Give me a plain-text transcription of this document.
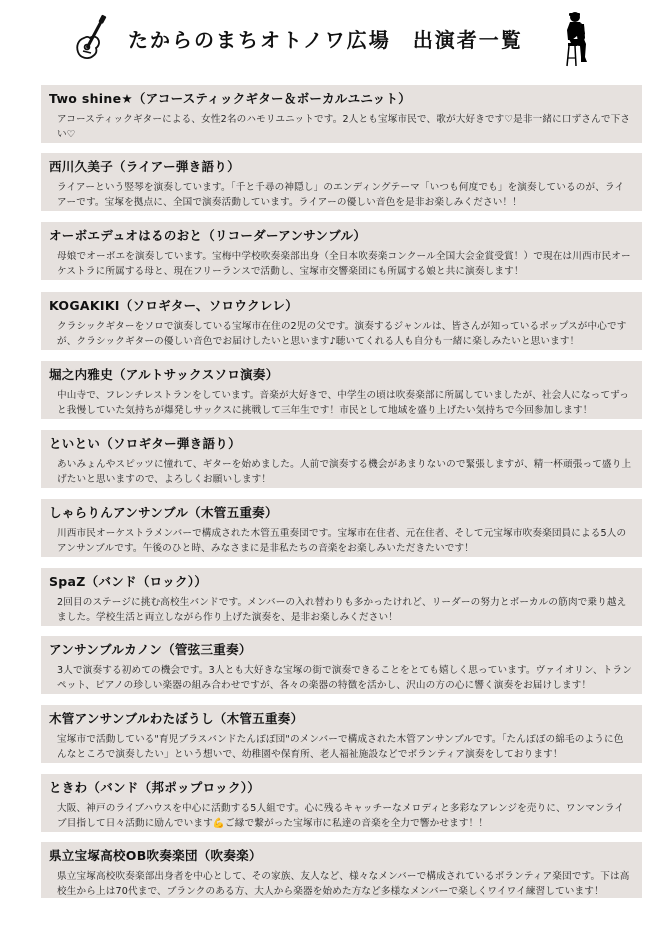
たからのまちオトノワ広場 出演者一覧
Two shine★（アコースティックギター＆ボーカルユニット）
アコースティックギターによる、女性2名のハモリユニットです。2人とも宝塚市民で、歌が大好きです♡是非一緒に口ずさんで下さい♡
西川久美子（ライアー弾き語り）
ライアーという竪琴を演奏しています。「千と千尋の神隠し」のエンディングテーマ「いつも何度でも」を演奏しているのが、ライアーです。宝塚を拠点に、全国で演奏活動しています。ライアーの優しい音色を是非お楽しみください！！
オーボエデュオはるのおと（リコーダーアンサンブル）
母娘でオーボエを演奏しています。宝梅中学校吹奏楽部出身（全日本吹奏楽コンクール全国大会金賞受賞！）で現在は川西市民オーケストラに所属する母と、現在フリーランスで活動し、宝塚市交響楽団にも所属する娘と共に演奏します！
KOGAKIKI（ソロギター、ソロウクレレ）
クラシックギターをソロで演奏している宝塚市在住の2児の父です。演奏するジャンルは、皆さんが知っているポップスが中心ですが、クラシックギターの優しい音色でお届けしたいと思います♪聴いてくれる人も自分も一緒に楽しみたいと思います！
堀之内雅史（アルトサックスソロ演奏）
中山寺で、フレンチレストランをしています。音楽が大好きで、中学生の頃は吹奏楽部に所属していましたが、社会人になってずっと我慢していた気持ちが爆発しサックスに挑戦して三年生です！市民として地域を盛り上げたい気持ちで今回参加します！
といとい（ソロギター弾き語り）
あいみょんやスピッツに憧れて、ギターを始めました。人前で演奏する機会があまりないので緊張しますが、精一杯頑張って盛り上げたいと思いますので、よろしくお願いします！
しゃらりんアンサンブル（木管五重奏）
川西市民オーケストラメンバーで構成された木管五重奏団です。宝塚市在住者、元在住者、そして元宝塚市吹奏楽団員による5人のアンサンブルです。午後のひと時、みなさまに是非私たちの音楽をお楽しみいただきたいです！
SpaZ（バンド（ロック））
2回目のステージに挑む高校生バンドです。メンバーの入れ替わりも多かったけれど、リーダーの努力とボーカルの筋肉で乗り越えました。学校生活と両立しながら作り上げた演奏を、是非お楽しみください！
アンサンブルカノン（管弦三重奏）
3人で演奏する初めての機会です。3人とも大好きな宝塚の街で演奏できることをとても嬉しく思っています。ヴァイオリン、トランペット、ピアノの珍しい楽器の組み合わせですが、各々の楽器の特徴を活かし、沢山の方の心に響く演奏をお届けします！
木管アンサンブルわたぼうし（木管五重奏）
宝塚市で活動している"育児ブラスバンドたんぽぽ団"のメンバーで構成された木管アンサンブルです。「たんぽぽの綿毛のように色んなところで演奏したい」という想いで、幼稚園や保育所、老人福祉施設などでボランティア演奏をしております！
ときわ（バンド（邦ポップロック））
大阪、神戸のライブハウスを中心に活動する5人組です。心に残るキャッチーなメロディと多彩なアレンジを売りに、ワンマンライブ目指して日々活動に励んでいます💪ご縁で繋がった宝塚市に私達の音楽を全力で響かせます！！
県立宝塚高校OB吹奏楽団（吹奏楽）
県立宝塚高校吹奏楽部出身者を中心として、その家族、友人など、様々なメンバーで構成されているボランティア楽団です。下は高校生から上は70代まで、ブランクのある方、大人から楽器を始めた方など多様なメンバーで楽しくワイワイ練習しています！
